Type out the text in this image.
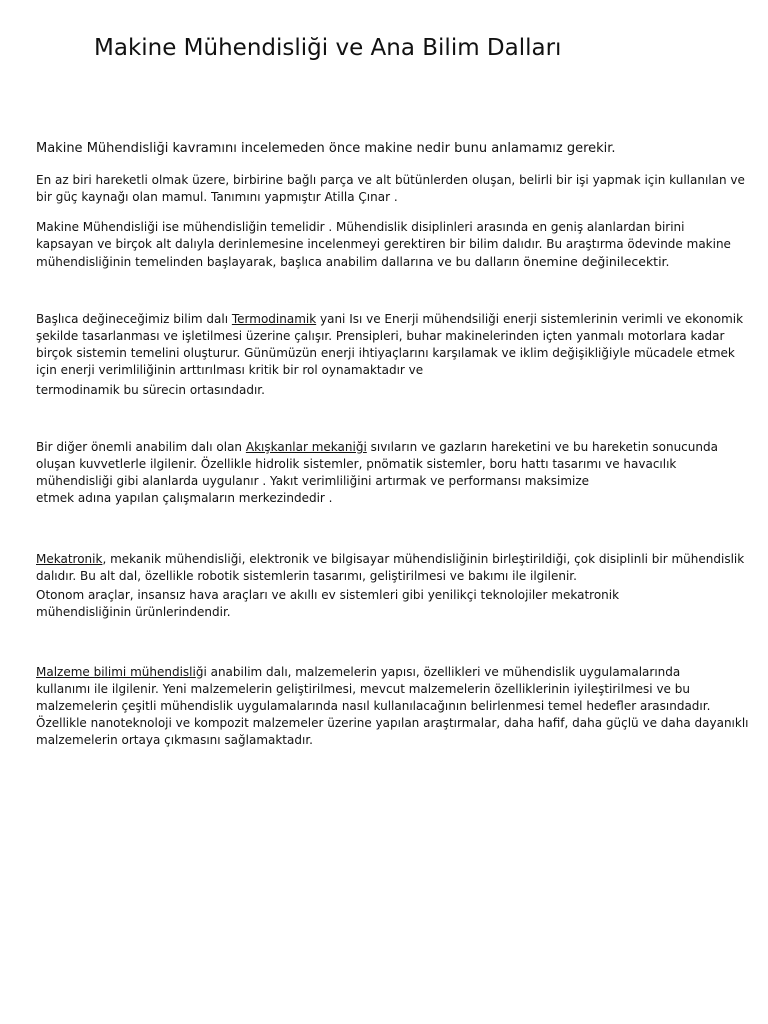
Makine Mühendisliği ve Ana Bilim Dalları

Makine Mühendisliği kavramını incelemeden önce makine nedir bunu anlamamız gerekir.

En az biri hareketli olmak üzere, birbirine bağlı parça ve alt bütünlerden oluşan, belirli bir işi yapmak için kullanılan ve
bir güç kaynağı olan mamul. Tanımını yapmıştır Atilla Çınar .
Makine Mühendisliği ise mühendisliğin temelidir . Mühendislik disiplinleri arasında en geniş alanlardan birini
kapsayan ve birçok alt dalıyla derinlemesine incelenmeyi gerektiren bir bilim dalıdır. Bu araştırma ödevinde makine
mühendisliğinin temelinden başlayarak, başlıca anabilim dallarına ve bu dalların önemine değinilecektir.
Başlıca değineceğimiz bilim dalı Termodinamik yani Isı ve Enerji mühendsiliği enerji sistemlerinin verimli ve ekonomik
şekilde tasarlanması ve işletilmesi üzerine çalışır. Prensipleri, buhar makinelerinden içten yanmalı motorlara kadar
birçok sistemin temelini oluşturur. Günümüzün enerji ihtiyaçlarını karşılamak ve iklim değişikliğiyle mücadele etmek
için enerji verimliliğinin arttırılması kritik bir rol oynamaktadır ve
termodinamik bu sürecin ortasındadır.
Bir diğer önemli anabilim dalı olan Akışkanlar mekaniği sıvıların ve gazların hareketini ve bu hareketin sonucunda
oluşan kuvvetlerle ilgilenir. Özellikle hidrolik sistemler, pnömatik sistemler, boru hattı tasarımı ve havacılık
mühendisliği gibi alanlarda uygulanır . Yakıt verimliliğini artırmak ve performansı maksimize
etmek adına yapılan çalışmaların merkezindedir .
Mekatronik, mekanik mühendisliği, elektronik ve bilgisayar mühendisliğinin birleştirildiği, çok disiplinli bir mühendislik
dalıdır. Bu alt dal, özellikle robotik sistemlerin tasarımı, geliştirilmesi ve bakımı ile ilgilenir.
Otonom araçlar, insansız hava araçları ve akıllı ev sistemleri gibi yenilikçi teknolojiler mekatronik
mühendisliğinin ürünlerindendir.
Malzeme bilimi mühendisliği anabilim dalı, malzemelerin yapısı, özellikleri ve mühendislik uygulamalarında
kullanımı ile ilgilenir. Yeni malzemelerin geliştirilmesi, mevcut malzemelerin özelliklerinin iyileştirilmesi ve bu
malzemelerin çeşitli mühendislik uygulamalarında nasıl kullanılacağının belirlenmesi temel hedefler arasındadır.
Özellikle nanoteknoloji ve kompozit malzemeler üzerine yapılan araştırmalar, daha hafif, daha güçlü ve daha dayanıklı
malzemelerin ortaya çıkmasını sağlamaktadır.
